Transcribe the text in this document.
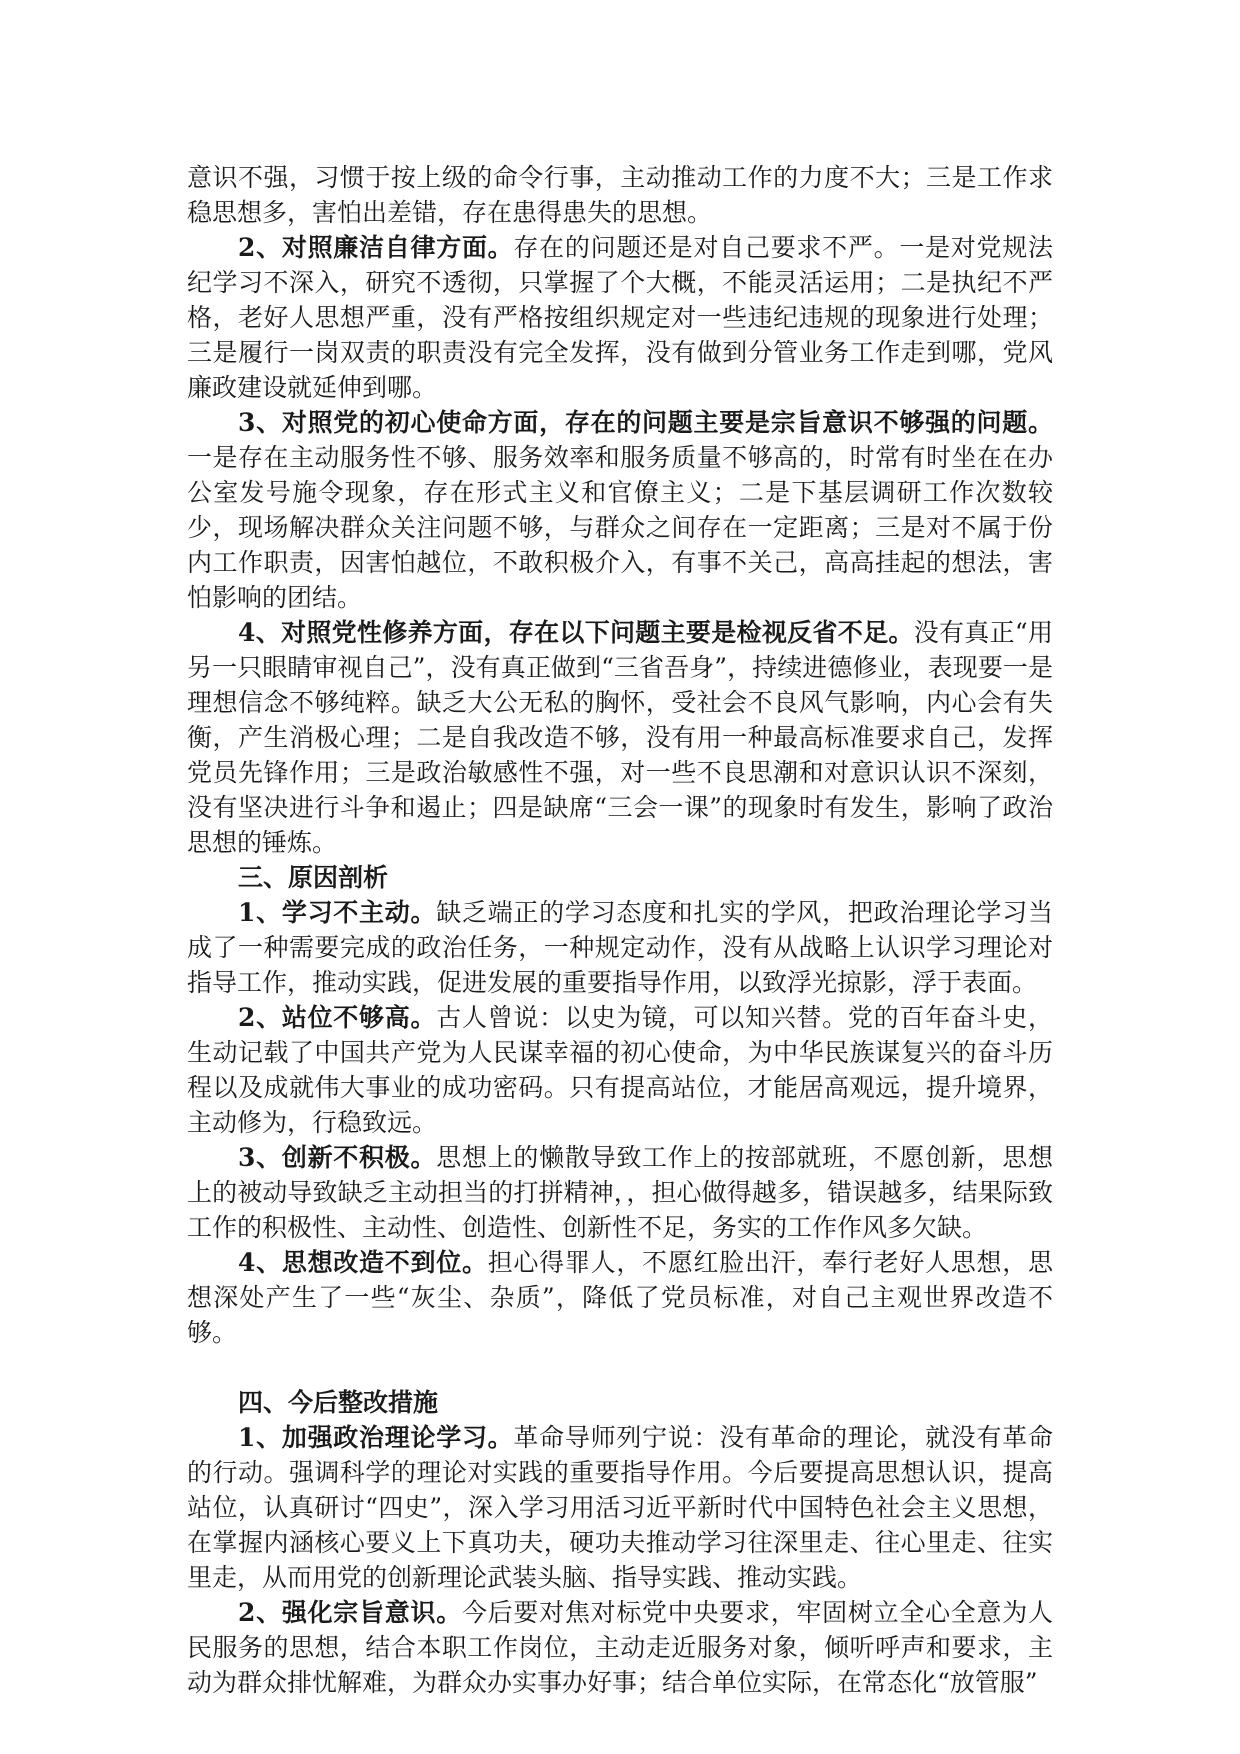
意识不强，习惯于按上级的命令行事，主动推动工作的力度不大；三是工作求稳思想多，害怕出差错，存在患得患失的思想。

2、对照廉洁自律方面。存在的问题还是对自己要求不严。一是对党规法纪学习不深入，研究不透彻，只掌握了个大概，不能灵活运用；二是执纪不严格，老好人思想严重，没有严格按组织规定对一些违纪违规的现象进行处理；三是履行一岗双责的职责没有完全发挥，没有做到分管业务工作走到哪，党风廉政建设就延伸到哪。

3、对照党的初心使命方面，存在的问题主要是宗旨意识不够强的问题。一是存在主动服务性不够、服务效率和服务质量不够高的，时常有时坐在在办公室发号施令现象，存在形式主义和官僚主义；二是下基层调研工作次数较少，现场解决群众关注问题不够，与群众之间存在一定距离；三是对不属于份内工作职责，因害怕越位，不敢积极介入，有事不关己，高高挂起的想法，害怕影响的团结。

4、对照党性修养方面，存在以下问题主要是检视反省不足。没有真正“用另一只眼睛审视自己”，没有真正做到“三省吾身”，持续进德修业，表现要一是理想信念不够纯粹。缺乏大公无私的胸怀，受社会不良风气影响，内心会有失衡，产生消极心理；二是自我改造不够，没有用一种最高标准要求自己，发挥党员先锋作用；三是政治敏感性不强，对一些不良思潮和对意识认识不深刻，没有坚决进行斗争和遏止；四是缺席“三会一课”的现象时有发生，影响了政治思想的锤炼。

三、原因剖析

1、学习不主动。缺乏端正的学习态度和扎实的学风，把政治理论学习当成了一种需要完成的政治任务，一种规定动作，没有从战略上认识学习理论对指导工作，推动实践，促进发展的重要指导作用，以致浮光掠影，浮于表面。

2、站位不够高。古人曾说：以史为镜，可以知兴替。党的百年奋斗史，生动记载了中国共产党为人民谋幸福的初心使命，为中华民族谋复兴的奋斗历程以及成就伟大事业的成功密码。只有提高站位，才能居高观远，提升境界，主动修为，行稳致远。

3、创新不积极。思想上的懒散导致工作上的按部就班，不愿创新，思想上的被动导致缺乏主动担当的打拼精神，，担心做得越多，错误越多，结果际致工作的积极性、主动性、创造性、创新性不足，务实的工作作风多欠缺。

4、思想改造不到位。担心得罪人，不愿红脸出汗，奉行老好人思想，思想深处产生了一些“灰尘、杂质”，降低了党员标准，对自己主观世界改造不够。

四、今后整改措施

1、加强政治理论学习。革命导师列宁说：没有革命的理论，就没有革命的行动。强调科学的理论对实践的重要指导作用。今后要提高思想认识，提高站位，认真研讨“四史”，深入学习用活习近平新时代中国特色社会主义思想，在掌握内涵核心要义上下真功夫，硬功夫推动学习往深里走、往心里走、往实里走，从而用党的创新理论武装头脑、指导实践、推动实践。

2、强化宗旨意识。今后要对焦对标党中央要求，牢固树立全心全意为人民服务的思想，结合本职工作岗位，主动走近服务对象，倾听呼声和要求，主动为群众排忧解难，为群众办实事办好事；结合单位实际，在常态化“放管服”
